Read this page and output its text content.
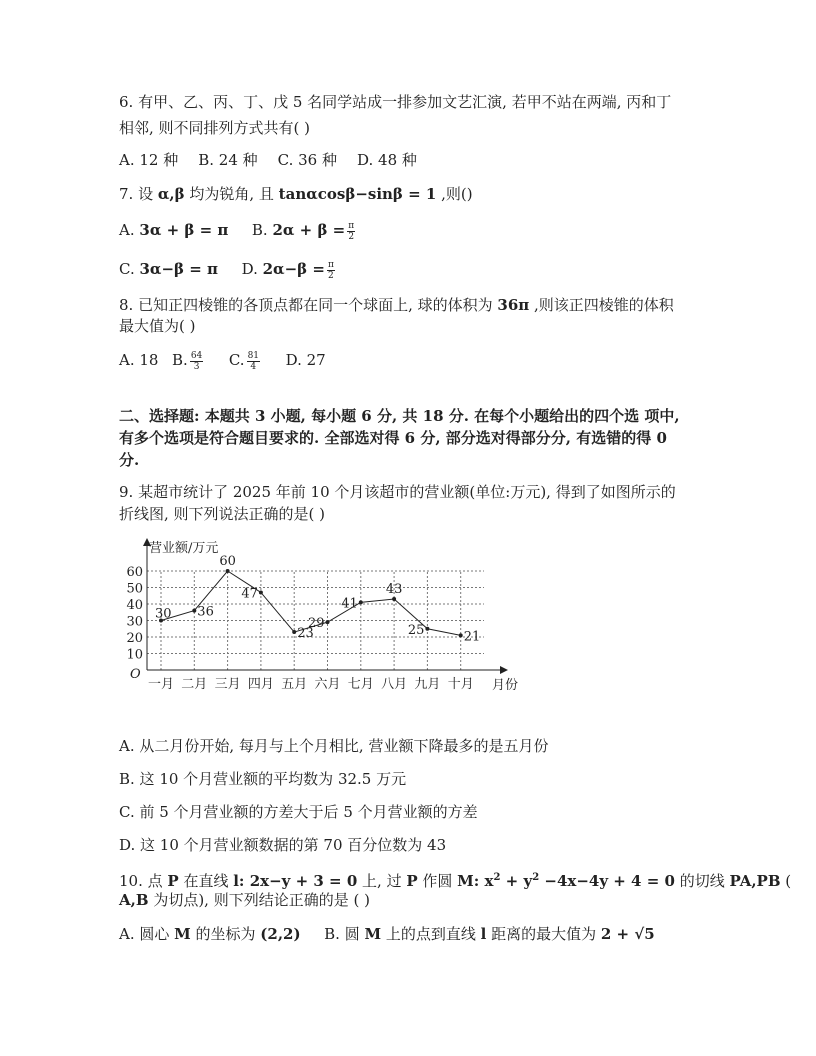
6. 有甲、乙、丙、丁、戊 5 名同学站成一排参加文艺汇演, 若甲不站在两端, 丙和丁
相邻, 则不同排列方式共有( )
A. 12 种 B. 24 种 C. 36 种 D. 48 种
7. 设 α,β 均为锐角, 且 tanαcosβ−sinβ = 1 ,则()
A. 3α + β = π B. $2\alpha + \beta = \frac{\pi}{2}$
C. 3α−β = π D. $2\alpha-\beta = \frac{\pi}{2}$
8. 已知正四棱锥的各顶点都在同一个球面上, 球的体积为 36π ,则该正四棱锥的体积
最大值为( )
A. 18 B. $\frac{64}{3} C$. $\frac{81}{4} D$. 27
二、选择题: 本题共 3 小题, 每小题 6 分, 共 18 分. 在每个小题给出的四个选 项中,
有多个选项是符合题目要求的. 全部选对得 6 分, 部分选对得部分分, 有选错的得 0
分.
9. 某超市统计了 2025 年前 10 个月该超市的营业额(单位:万元), 得到了如图所示的
折线图, 则下列说法正确的是( )
营业额/万元
月份
O
10
20
30
40
50
60
一月 二月 三月 四月 五月 六月 七月 八月 九月 十月
30 36
60
47
23
29
41
43
25	21
A. 从二月份开始, 每月与上个月相比, 营业额下降最多的是五月份
B. 这 10 个月营业额的平均数为 32.5 万元
C. 前 5 个月营业额的方差大于后 5 个月营业额的方差
D. 这 10 个月营业额数据的第 70 百分位数为 43
10. 点 P 在直线 l: 2x−y + 3 = 0 上, 过 P 作圆 M: $x^2 + y^2 -4x-4y + 4 = 0$ 的切线 PA,PB (
A,B 为切点), 则下列结论正确的是 ( )
A. 圆心 M 的坐标为 (2,2) B. 圆 M 上的点到直线 l 距离的最大值为 2 + √5
